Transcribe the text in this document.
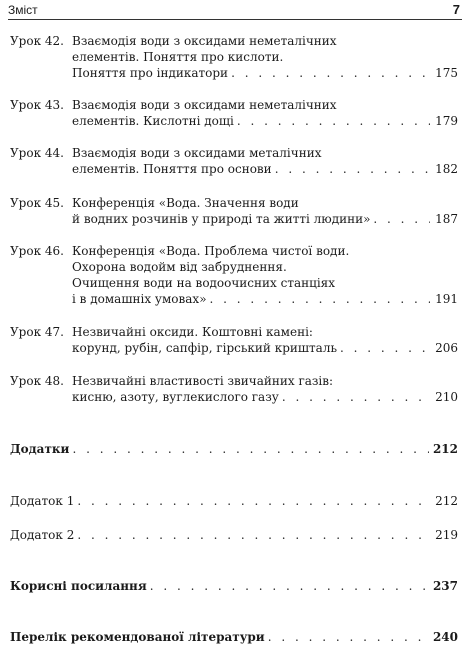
Зміст	7
Урок 42. Взаємодія води з оксидами неметалічних
елементів. Поняття про кислоти.
Поняття про індикатори . . .	175
Урок 43. Взаємодія води з оксидами неметалічних
елементів. Кислотні дощі . . .	179
Урок 44. Взаємодія води з оксидами металічних
елементів. Поняття про основи . . .	182
Урок 45. Конференція «Вода. Значення води
й водних розчинів у природі та житті людини» . . .	187
Урок 46. Конференція «Вода. Проблема чистої води.
Охорона водойм від забруднення.
Очищення води на водоочисних станціях
і в домашніх умовах» . . .	191
Урок 47. Незвичайні оксиди. Коштовні камені:
корунд, рубін, сапфір, гірський кришталь . . .	206
Урок 48. Незвичайні властивості звичайних газів:
кисню, азоту, вуглекислого газу . . .	210
Додатки . . .	212
Додаток 1 . . .	212
Додаток 2 . . .	219
Корисні посилання . . .	237
Перелік рекомендованої літератури . . .	240
